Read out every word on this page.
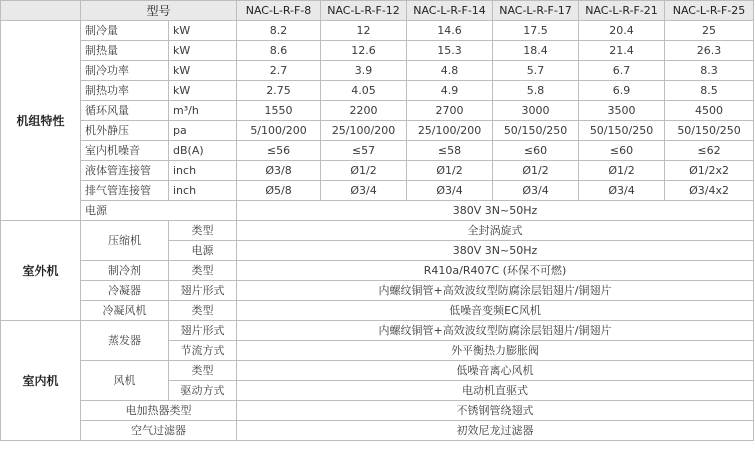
	型号		NAC-L-R-F-8	NAC-L-R-F-12	NAC-L-R-F-14	NAC-L-R-F-17	NAC-L-R-F-21	NAC-L-R-F-25
机组特性	制冷量	kW	8.2	12	14.6	17.5	20.4	25
	制热量	kW	8.6	12.6	15.3	18.4	21.4	26.3
	制冷功率	kW	2.7	3.9	4.8	5.7	6.7	8.3
	制热功率	kW	2.75	4.05	4.9	5.8	6.9	8.5
	循环风量	m³/h	1550	2200	2700	3000	3500	4500
	机外静压	pa	5/100/200	25/100/200	25/100/200	50/150/250	50/150/250	50/150/250
	室内机噪音	dB(A)	≤56	≤57	≤58	≤60	≤60	≤62
	液体管连接管	inch	Ø3/8	Ø1/2	Ø1/2	Ø1/2	Ø1/2	Ø1/2x2
	排气管连接管	inch	Ø5/8	Ø3/4	Ø3/4	Ø3/4	Ø3/4	Ø3/4x2
	电源		380V 3N~50Hz					
室外机	压缩机	类型	全封涡旋式					
		电源	380V 3N~50Hz					
	制冷剂	类型	R410a/R407C (环保不可燃)					
	冷凝器	翅片形式	内螺纹铜管+高效波纹型防腐涂层铝翅片/铜翅片					
	冷凝风机	类型	低噪音变频EC风机					
室内机	蒸发器	翅片形式	内螺纹铜管+高效波纹型防腐涂层铝翅片/铜翅片					
		节流方式	外平衡热力膨胀阀					
	风机	类型	低噪音离心风机					
		驱动方式	电动机直驱式					
	电加热器类型		不锈钢管绕翅式					
	空气过滤器		初效尼龙过滤器					
